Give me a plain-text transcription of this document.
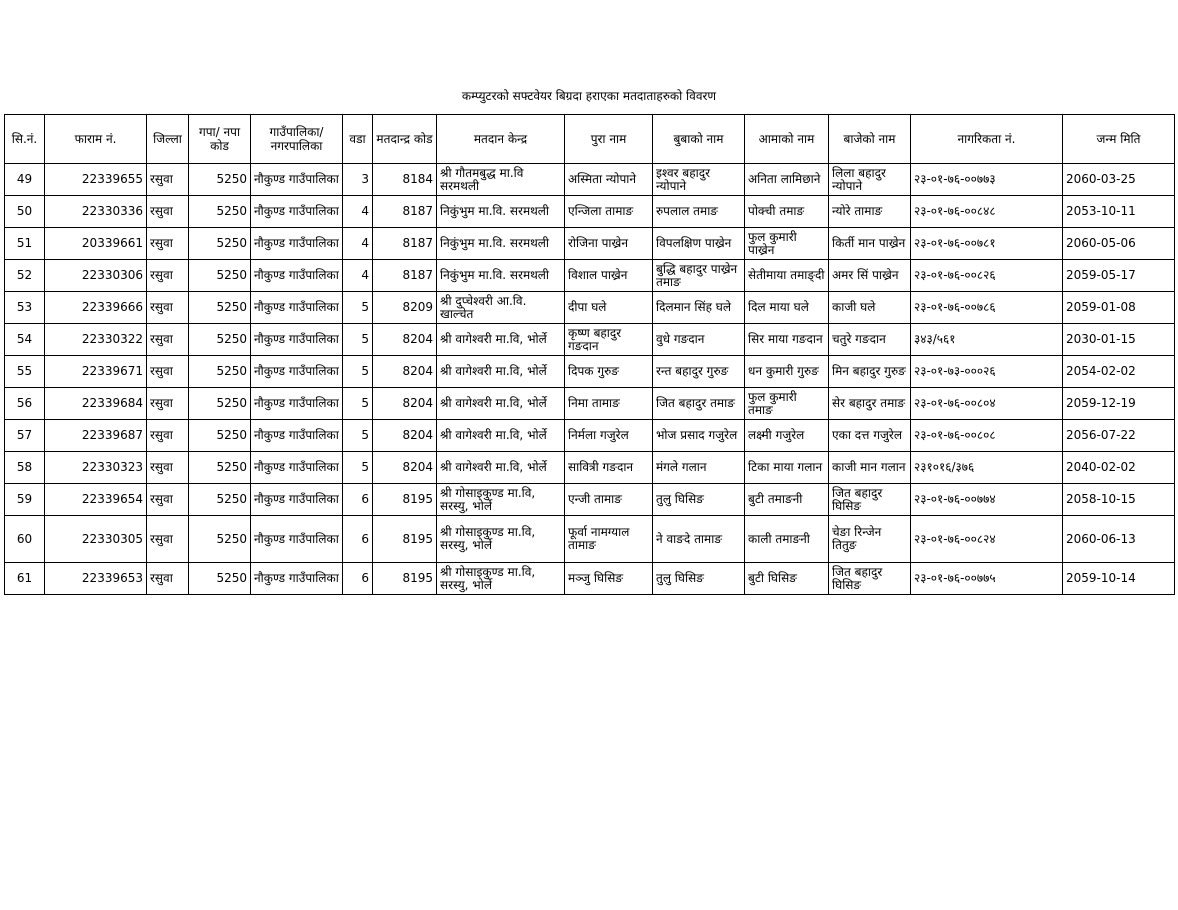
कम्प्युटरको सफ्टवेयर बिग्रदा हराएका मतदाताहरुको विवरण
सि.नं.	फाराम नं.	जिल्ला	गपा/ नपा कोड	गाउँपालिका/ नगरपालिका	वडा	मतदान्द्र कोड	मतदान केन्द्र	पुरा नाम	बुबाको नाम	आमाको नाम	बाजेको नाम	नागरिकता नं.	जन्म मिति
49	22339655	रसुवा	5250	नौकुण्ड गाउँपालिका	3	8184	श्री गौतमबुद्ध मा.वि सरमथली	अस्मिता न्योपाने	इश्वर बहादुर न्योपाने	अनिता लामिछाने	लिला बहादुर न्योपाने	२३-०१-७६-००७७३	2060-03-25
50	22330336	रसुवा	5250	नौकुण्ड गाउँपालिका	4	8187	निकुंभुम मा.वि. सरमथली	एन्जिला तामाङ	रुपलाल तमाङ	पोक्ची तमाङ	न्योरे तामाङ	२३-०१-७६-००८४८	2053-10-11
51	20339661	रसुवा	5250	नौकुण्ड गाउँपालिका	4	8187	निकुंभुम मा.वि. सरमथली	रोजिना पाख्रेन	विपलक्षिण पाख्रेन	फुल कुमारी पाख्रेन	किर्ती मान पाख्रेन	२३-०१-७६-००७८१	2060-05-06
52	22330306	रसुवा	5250	नौकुण्ड गाउँपालिका	4	8187	निकुंभुम मा.वि. सरमथली	विशाल पाख्रेन	बुद्धि बहादुर पाख्रेन तमाङ	सेतीमाया तमाङ्दी	अमर सिं पाख्रेन	२३-०१-७६-००८२६	2059-05-17
53	22339666	रसुवा	5250	नौकुण्ड गाउँपालिका	5	8209	श्री दुप्चेश्वरी आ.वि. खाल्चेत	दीपा घले	दिलमान सिंह घले	दिल माया घले	काजी घले	२३-०१-७६-००७८६	2059-01-08
54	22330322	रसुवा	5250	नौकुण्ड गाउँपालिका	5	8204	श्री वागेश्वरी मा.वि, भोर्ले	कृष्ण बहादुर गङदान	वुधे गङदान	सिर माया गङदान	चतुरे गङदान	३४३/५६१	2030-01-15
55	22339671	रसुवा	5250	नौकुण्ड गाउँपालिका	5	8204	श्री वागेश्वरी मा.वि, भोर्ले	दिपक गुरुङ	रन्त बहादुर गुरुङ	धन कुमारी गुरुङ	मिन बहादुर गुरुङ	२३-०१-७३-०००२६	2054-02-02
56	22339684	रसुवा	5250	नौकुण्ड गाउँपालिका	5	8204	श्री वागेश्वरी मा.वि, भोर्ले	निमा तामाङ	जित बहादुर तमाङ	फुल कुमारी तमाङ	सेर बहादुर तमाङ	२३-०१-७६-००८०४	2059-12-19
57	22339687	रसुवा	5250	नौकुण्ड गाउँपालिका	5	8204	श्री वागेश्वरी मा.वि, भोर्ले	निर्मला गजुरेल	भोज प्रसाद गजुरेल	लक्ष्मी गजुरेल	एका दत्त गजुरेल	२३-०१-७६-००८०८	2056-07-22
58	22330323	रसुवा	5250	नौकुण्ड गाउँपालिका	5	8204	श्री वागेश्वरी मा.वि, भोर्ले	सावित्री गङदान	मंगले गलान	टिका माया गलान	काजी मान गलान	२३१०१६/३७६	2040-02-02
59	22339654	रसुवा	5250	नौकुण्ड गाउँपालिका	6	8195	श्री गोसाइकुण्ड मा.वि, सरस्यु, भोर्ले	एन्जी तामाङ	तुलु घिसिङ	बुटी तमाङनी	जित बहादुर घिसिङ	२३-०१-७६-००७७४	2058-10-15
60	22330305	रसुवा	5250	नौकुण्ड गाउँपालिका	6	8195	श्री गोसाइकुण्ड मा.वि, सरस्यु, भोर्ले	फूर्वा नामग्याल तामाङ	ने वाङदे तामाङ	काली तमाङनी	चेङा रिन्जेन तितुङ	२३-०१-७६-००८२४	2060-06-13
61	22339653	रसुवा	5250	नौकुण्ड गाउँपालिका	6	8195	श्री गोसाइकुण्ड मा.वि, सरस्यु, भोर्ले	मञ्जु घिसिङ	तुलु घिसिङ	बुटी घिसिङ	जित बहादुर घिसिङ	२३-०१-७६-००७७५	2059-10-14
